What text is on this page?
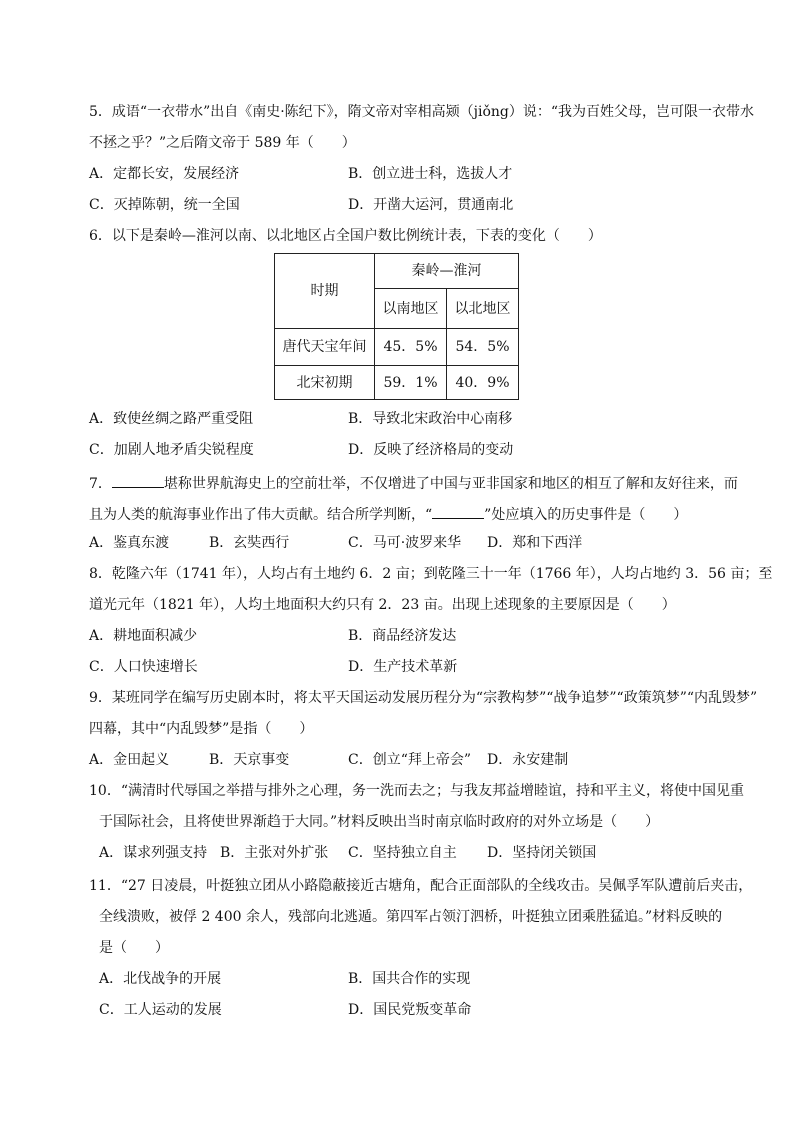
5．成语“一衣带水”出自《南史·陈纪下》，隋文帝对宰相高颎（jiǒng）说：“我为百姓父母，岂可限一衣带水
不拯之乎？”之后隋文帝于 589 年（　　）
A．定都长安，发展经济	B．创立进士科，选拔人才
C．灭掉陈朝，统一全国	D．开凿大运河，贯通南北
6．以下是秦岭—淮河以南、以北地区占全国户数比例统计表，下表的变化（　　）
时期	秦岭—淮河	
	以南地区	以北地区
唐代天宝年间	45．5%	54．5%
北宋初期	59．1%	40．9%
A．致使丝绸之路严重受阻	B．导致北宋政治中心南移
C．加剧人地矛盾尖锐程度	D．反映了经济格局的变动
7．	堪称世界航海史上的空前壮举，不仅增进了中国与亚非国家和地区的相互了解和友好往来，而
且为人类的航海事业作出了伟大贡献。结合所学判断，“	”处应填入的历史事件是（　　）
A．鉴真东渡	B．玄奘西行	C．马可·波罗来华 D．郑和下西洋
8．乾隆六年（1741 年），人均占有土地约 6．2 亩；到乾隆三十一年（1766 年），人均占地约 3．56 亩；至
道光元年（1821 年），人均土地面积大约只有 2．23 亩。出现上述现象的主要原因是（　　）
A．耕地面积减少	B．商品经济发达
C．人口快速增长	D．生产技术革新
9．某班同学在编写历史剧本时，将太平天国运动发展历程分为“宗教构梦”“战争追梦”“政策筑梦”“内乱毁梦”
四幕，其中“内乱毁梦”是指（　　）
A．金田起义	B．天京事变	C．创立“拜上帝会” D．永安建制
10．“满清时代辱国之举措与排外之心理，务一洗而去之；与我友邦益增睦谊，持和平主义，将使中国见重
于国际社会，且将使世界渐趋于大同。”材料反映出当时南京临时政府的对外立场是（　　）
A．谋求列强支持 B．主张对外扩张 C．坚持独立自主 D．坚持闭关锁国
11．“27 日凌晨，叶挺独立团从小路隐蔽接近古塘角，配合正面部队的全线攻击。吴佩孚军队遭前后夹击，
全线溃败，被俘 2 400 余人，残部向北逃遁。第四军占领汀泗桥，叶挺独立团乘胜猛追。”材料反映的
是（　　）
A．北伐战争的开展	B．国共合作的实现
C．工人运动的发展	D．国民党叛变革命
